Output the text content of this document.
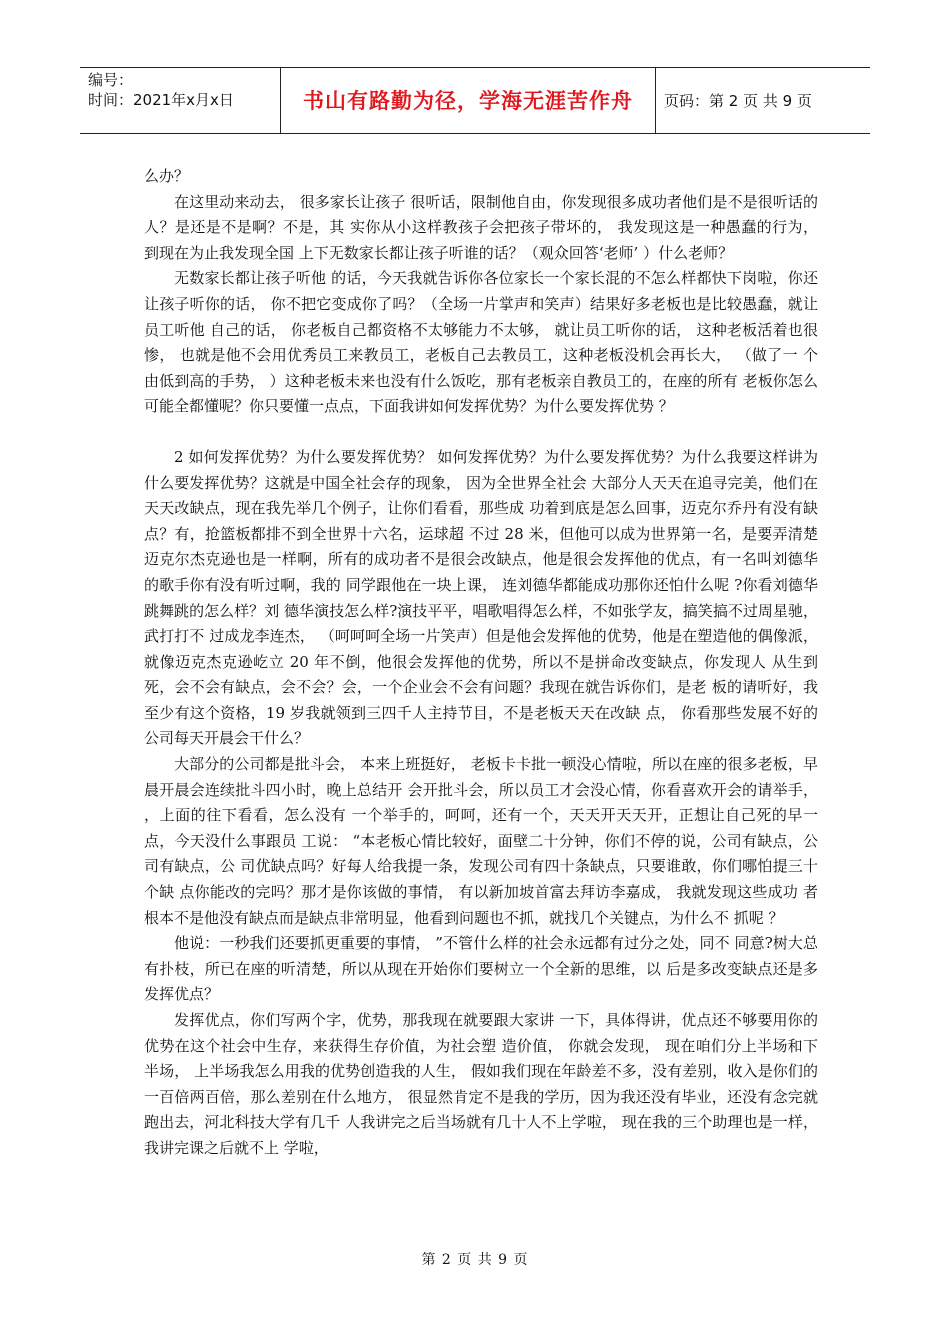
编号：
时间：2021年x月x日	书山有路勤为径，学海无涯苦作舟	页码：第 2 页 共 9 页

么办？

在这里动来动去， 很多家长让孩子 很听话，限制他自由，你发现很多成功者他们是不是很听话的人？是还是不是啊？不是，其 实你从小这样教孩子会把孩子带坏的， 我发现这是一种愚蠢的行为， 到现在为止我发现全国 上下无数家长都让孩子听谁的话？（观众回答‘老师’ ）什么老师？

无数家长都让孩子听他 的话，今天我就告诉你各位家长一个家长混的不怎么样都快下岗啦，你还让孩子听你的话， 你不把它变成你了吗？（全场一片掌声和笑声）结果好多老板也是比较愚蠢，就让员工听他 自己的话， 你老板自己都资格不太够能力不太够， 就让员工听你的话， 这种老板活着也很惨， 也就是他不会用优秀员工来教员工，老板自己去教员工，这种老板没机会再长大， （做了一 个由低到高的手势， ）这种老板未来也没有什么饭吃，那有老板亲自教员工的，在座的所有 老板你怎么可能全都懂呢？你只要懂一点点，下面我讲如何发挥优势？为什么要发挥优势 ？

2 如何发挥优势？为什么要发挥优势？ 如何发挥优势？为什么要发挥优势？为什么我要这样讲为什么要发挥优势？这就是中国全社会存的现象， 因为全世界全社会 大部分人天天在追寻完美，他们在天天改缺点，现在我先举几个例子，让你们看看，那些成 功着到底是怎么回事，迈克尔乔丹有没有缺点？有，抢篮板都排不到全世界十六名，运球超 不过 28 米，但他可以成为世界第一名，是要弄清楚迈克尔杰克逊也是一样啊，所有的成功者不是很会改缺点，他是很会发挥他的优点，有一名叫刘德华的歌手你有没有听过啊，我的 同学跟他在一块上课， 连刘德华都能成功那你还怕什么呢 ?你看刘德华跳舞跳的怎么样？刘 德华演技怎么样?演技平平，唱歌唱得怎么样，不如张学友，搞笑搞不过周星驰，武打打不 过成龙李连杰， （呵呵呵全场一片笑声）但是他会发挥他的优势，他是在塑造他的偶像派， 就像迈克杰克逊屹立 20 年不倒，他很会发挥他的优势，所以不是拼命改变缺点，你发现人 从生到死，会不会有缺点，会不会？会，一个企业会不会有问题？我现在就告诉你们，是老 板的请听好，我至少有这个资格，19 岁我就领到三四千人主持节目，不是老板天天在改缺 点， 你看那些发展不好的公司每天开晨会干什么？

大部分的公司都是批斗会， 本来上班挺好， 老板卡卡批一顿没心情啦，所以在座的很多老板，早晨开晨会连续批斗四小时，晚上总结开 会开批斗会，所以员工才会没心情，你看喜欢开会的请举手， ，上面的往下看看，怎么没有 一个举手的，呵呵，还有一个，天天开天天开，正想让自己死的早一点，今天没什么事跟员 工说： “本老板心情比较好，面壁二十分钟，你们不停的说，公司有缺点，公司有缺点，公 司优缺点吗？好每人给我提一条，发现公司有四十条缺点，只要谁敢，你们哪怕提三十个缺 点你能改的完吗？那才是你该做的事情， 有以新加坡首富去拜访李嘉成， 我就发现这些成功 者根本不是他没有缺点而是缺点非常明显，他看到问题也不抓，就找几个关键点，为什么不 抓呢 ？

他说：一秒我们还要抓更重要的事情， ”不管什么样的社会永远都有过分之处，同不 同意?树大总有扑枝，所已在座的听清楚，所以从现在开始你们要树立一个全新的思维，以 后是多改变缺点还是多发挥优点？

发挥优点，你们写两个字，优势，那我现在就要跟大家讲 一下，具体得讲，优点还不够要用你的优势在这个社会中生存，来获得生存价值，为社会塑 造价值， 你就会发现， 现在咱们分上半场和下半场， 上半场我怎么用我的优势创造我的人生， 假如我们现在年龄差不多，没有差别，收入是你们的一百倍两百倍，那么差别在什么地方， 很显然肯定不是我的学历，因为我还没有毕业，还没有念完就跑出去，河北科技大学有几千 人我讲完之后当场就有几十人不上学啦， 现在我的三个助理也是一样， 我讲完课之后就不上 学啦，

第 2 页 共 9 页
